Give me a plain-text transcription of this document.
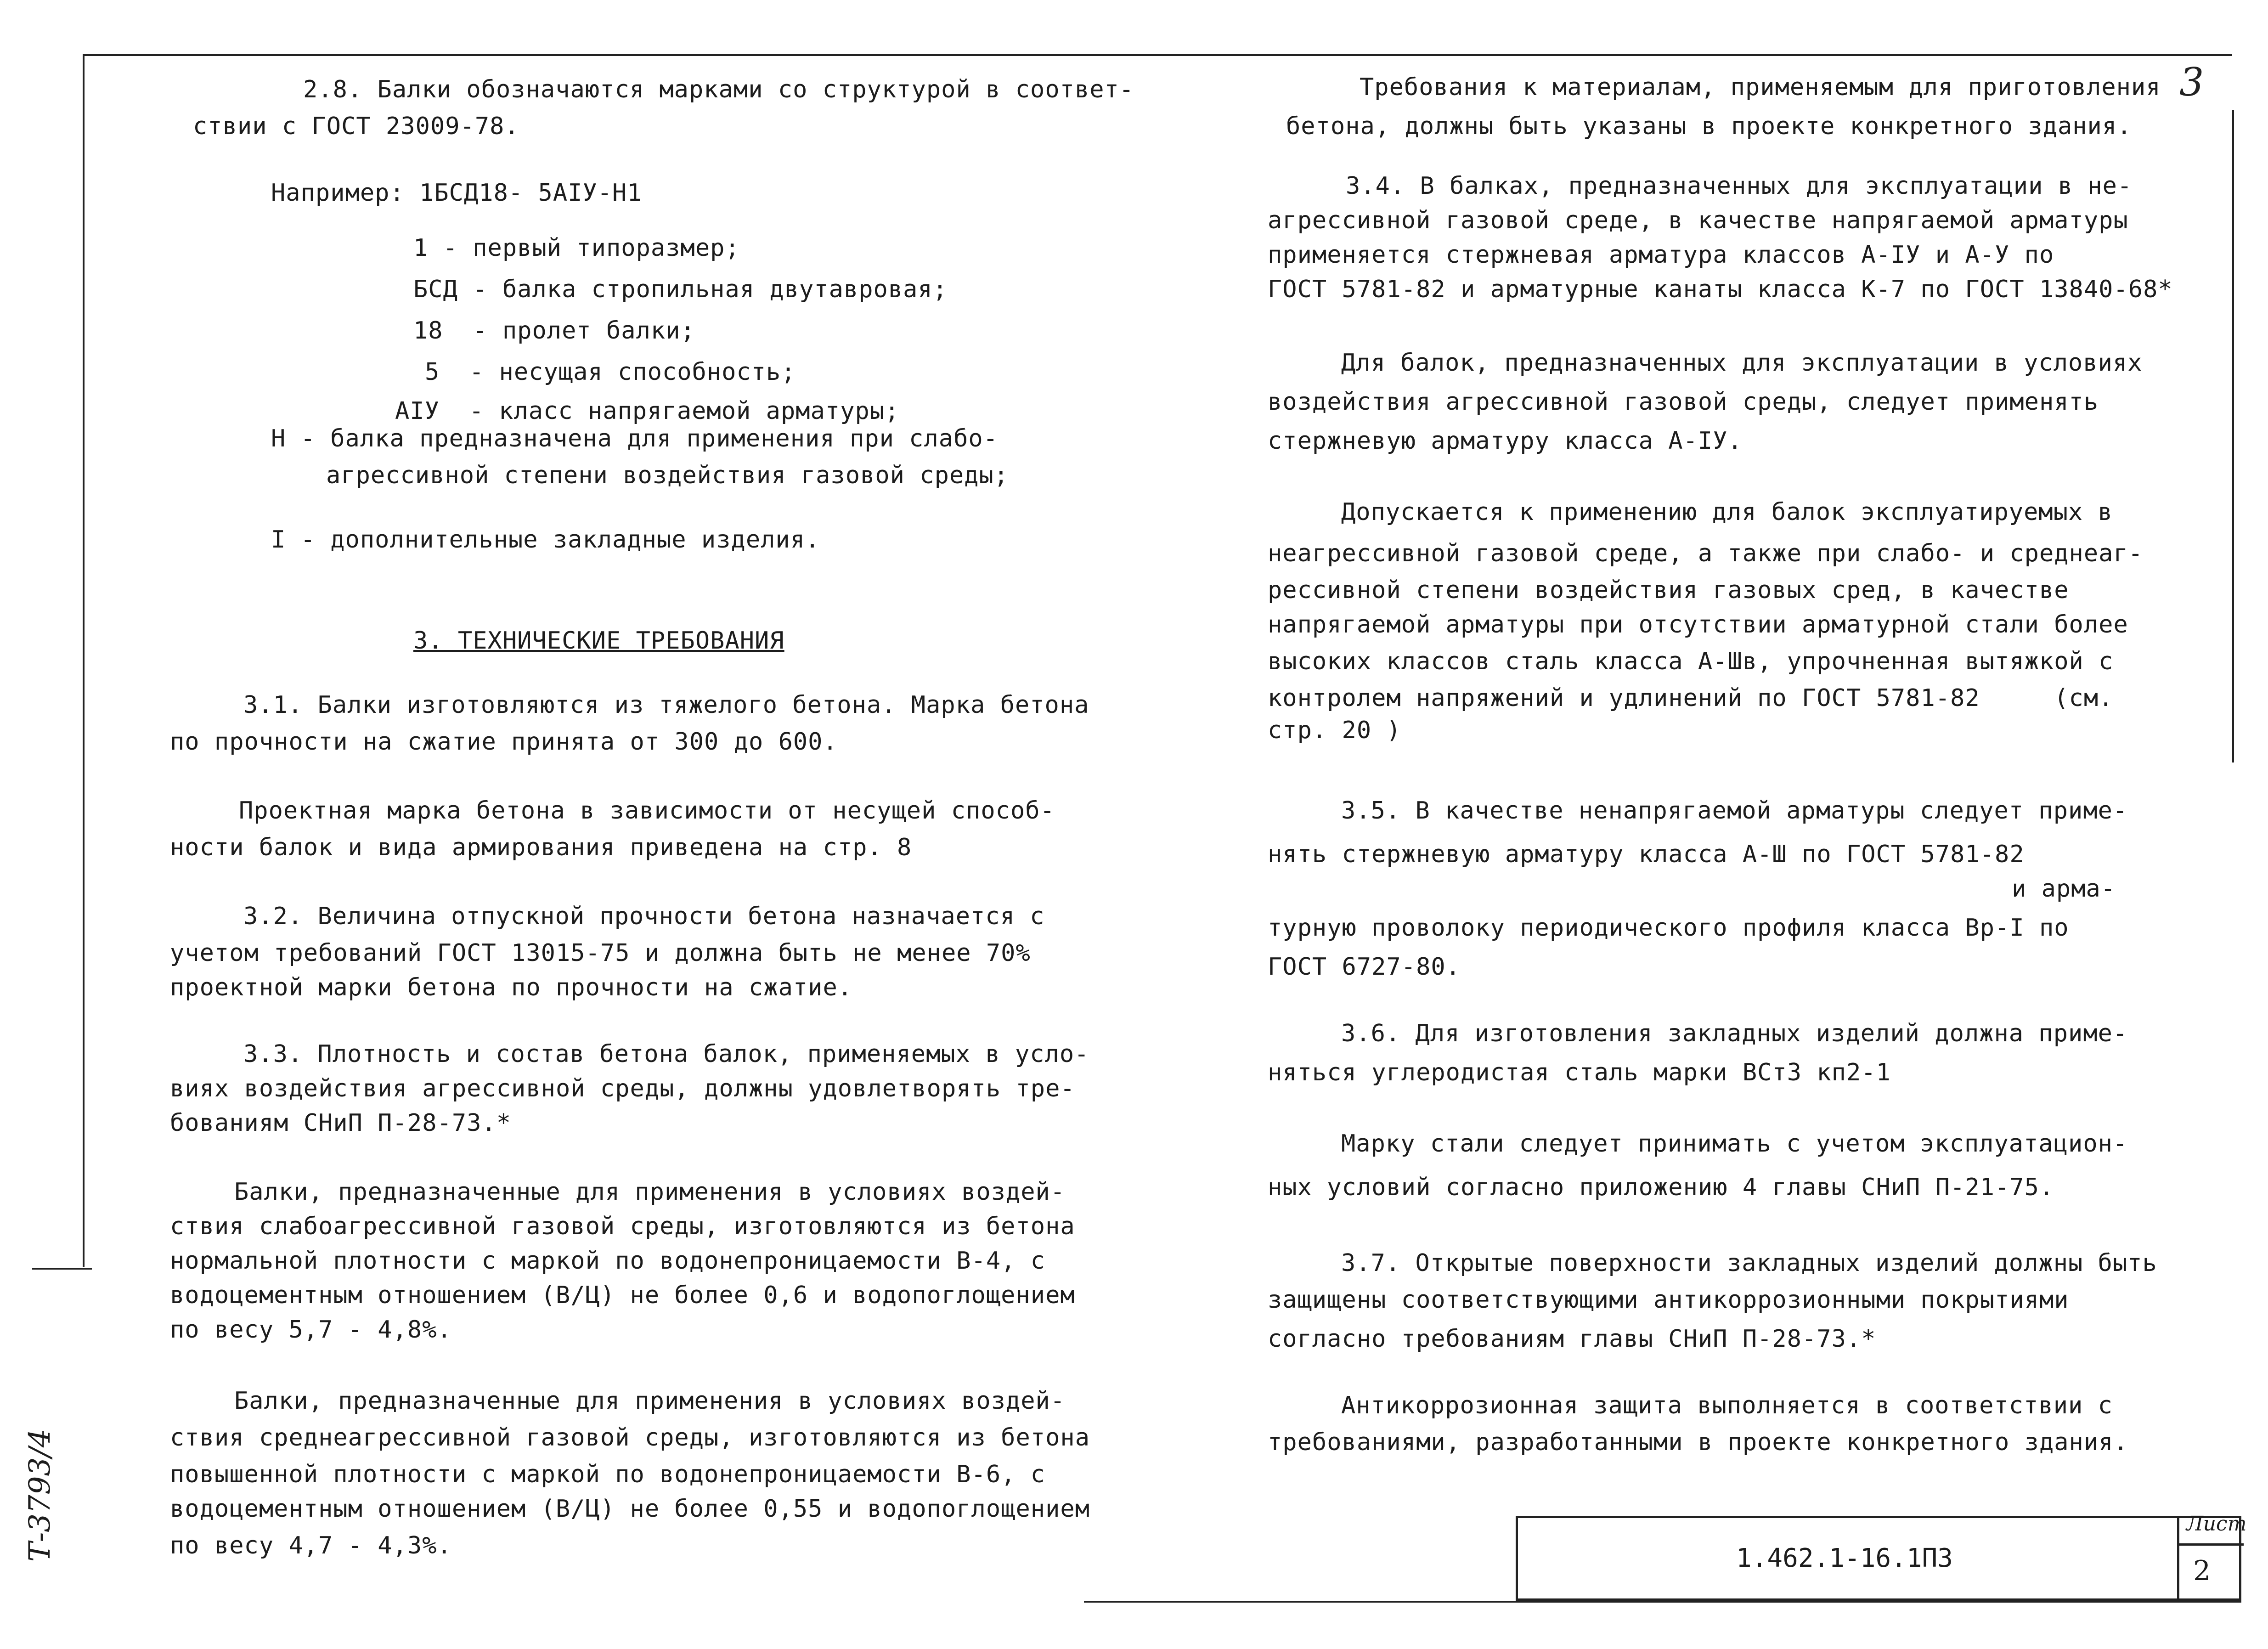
3
2.8. Балки обозначаются марками со структурой в соответ-
ствии с ГОСТ 23009-78.
Например: 1БСД18- 5АIУ-Н1
1 - первый типоразмер;
БСД - балка стропильная двутавровая;
18  - пролет балки;
5  - несущая способность;
АIУ  - класс напрягаемой арматуры;
Н - балка предназначена для применения при слабо-
агрессивной степени воздействия газовой среды;
I - дополнительные закладные изделия.
3. ТЕХНИЧЕСКИЕ ТРЕБОВАНИЯ
3.1. Балки изготовляются из тяжелого бетона. Марка бетона
по прочности на сжатие принята от 300 до 600.
Проектная марка бетона в зависимости от несущей способ-
ности балок и вида армирования приведена на стр. 8
3.2. Величина отпускной прочности бетона назначается с
учетом требований ГОСТ 13015-75 и должна быть не менее 70%
проектной марки бетона по прочности на сжатие.
3.3. Плотность и состав бетона балок, применяемых в усло-
виях воздействия агрессивной среды, должны удовлетворять тре-
бованиям СНиП П-28-73.*
Балки, предназначенные для применения в условиях воздей-
ствия слабоагрессивной газовой среды, изготовляются из бетона
нормальной плотности с маркой по водонепроницаемости В-4, с
водоцементным отношением (В/Ц) не более 0,6 и водопоглощением
по весу 5,7 - 4,8%.
Балки, предназначенные для применения в условиях воздей-
ствия среднеагрессивной газовой среды, изготовляются из бетона
повышенной плотности с маркой по водонепроницаемости В-6, с
водоцементным отношением (В/Ц) не более 0,55 и водопоглощением
по весу 4,7 - 4,3%.
Требования к материалам, применяемым для приготовления
бетона, должны быть указаны в проекте конкретного здания.
3.4. В балках, предназначенных для эксплуатации в не-
агрессивной газовой среде, в качестве напрягаемой арматуры
применяется стержневая арматура классов А-IУ и А-У по
ГОСТ 5781-82 и арматурные канаты класса К-7 по ГОСТ 13840-68*
Для балок, предназначенных для эксплуатации в условиях
воздействия агрессивной газовой среды, следует применять
стержневую арматуру класса А-IУ.
Допускается к применению для балок эксплуатируемых в
неагрессивной газовой среде, а также при слабо- и среднеаг-
рессивной степени воздействия газовых сред, в качестве
напрягаемой арматуры при отсутствии арматурной стали более
высоких классов сталь класса А-Шв, упрочненная вытяжкой с
контролем напряжений и удлинений по ГОСТ 5781-82     (см.
стр. 20 )
3.5. В качестве ненапрягаемой арматуры следует приме-
нять стержневую арматуру класса А-Ш по ГОСТ 5781-82
и арма-
турную проволоку периодического профиля класса Вр-I по
ГОСТ 6727-80.
3.6. Для изготовления закладных изделий должна приме-
няться углеродистая сталь марки ВСт3 кп2-1
Марку стали следует принимать с учетом эксплуатацион-
ных условий согласно приложению 4 главы СНиП П-21-75.
3.7. Открытые поверхности закладных изделий должны быть
защищены соответствующими антикоррозионными покрытиями
согласно требованиям главы СНиП П-28-73.*
Антикоррозионная защита выполняется в соответствии с
требованиями, разработанными в проекте конкретного здания.
1.462.1-16.1П3
Лист
2
Т-3793/4
